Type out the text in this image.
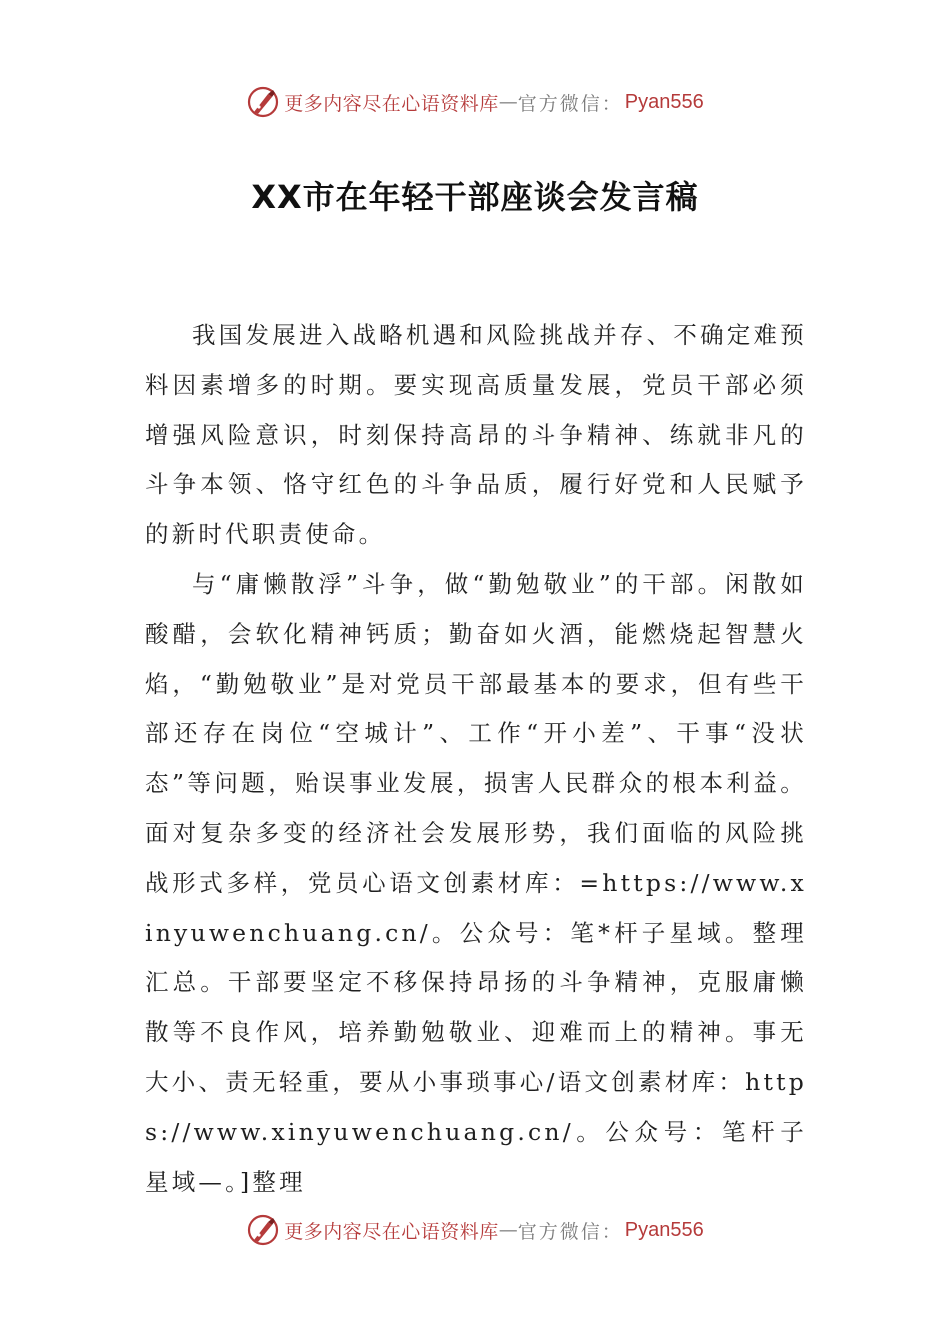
更多内容尽在心语资料库 — 官方微信： Pyan556
XX市在年轻干部座谈会发言稿

我国发展进入战略机遇和风险挑战并存、不确定难预料因素增多的时期。要实现高质量发展，党员干部必须增强风险意识，时刻保持高昂的斗争精神、练就非凡的斗争本领、恪守红色的斗争品质，履行好党和人民赋予的新时代职责使命。

与“庸懒散浮”斗争，做“勤勉敬业”的干部。闲散如酸醋，会软化精神钙质；勤奋如火酒，能燃烧起智慧火焰，“勤勉敬业”是对党员干部最基本的要求，但有些干部还存在岗位“空城计”、工作“开小差”、干事“没状态”等问题，贻误事业发展，损害人民群众的根本利益。面对复杂多变的经济社会发展形势，我们面临的风险挑战形式多样，党员心语文创素材库：=https://www.xinyuwenchuang.cn/。公众号：笔*杆子星域。整理汇总。干部要坚定不移保持昂扬的斗争精神，克服庸懒散等不良作风，培养勤勉敬业、迎难而上的精神。事无大小、责无轻重，要从小事琐事心/语文创素材库：https://www.xinyuwenchuang.cn/。公众号：笔杆子星域—。]整理

更多内容尽在心语资料库 — 官方微信： Pyan556
